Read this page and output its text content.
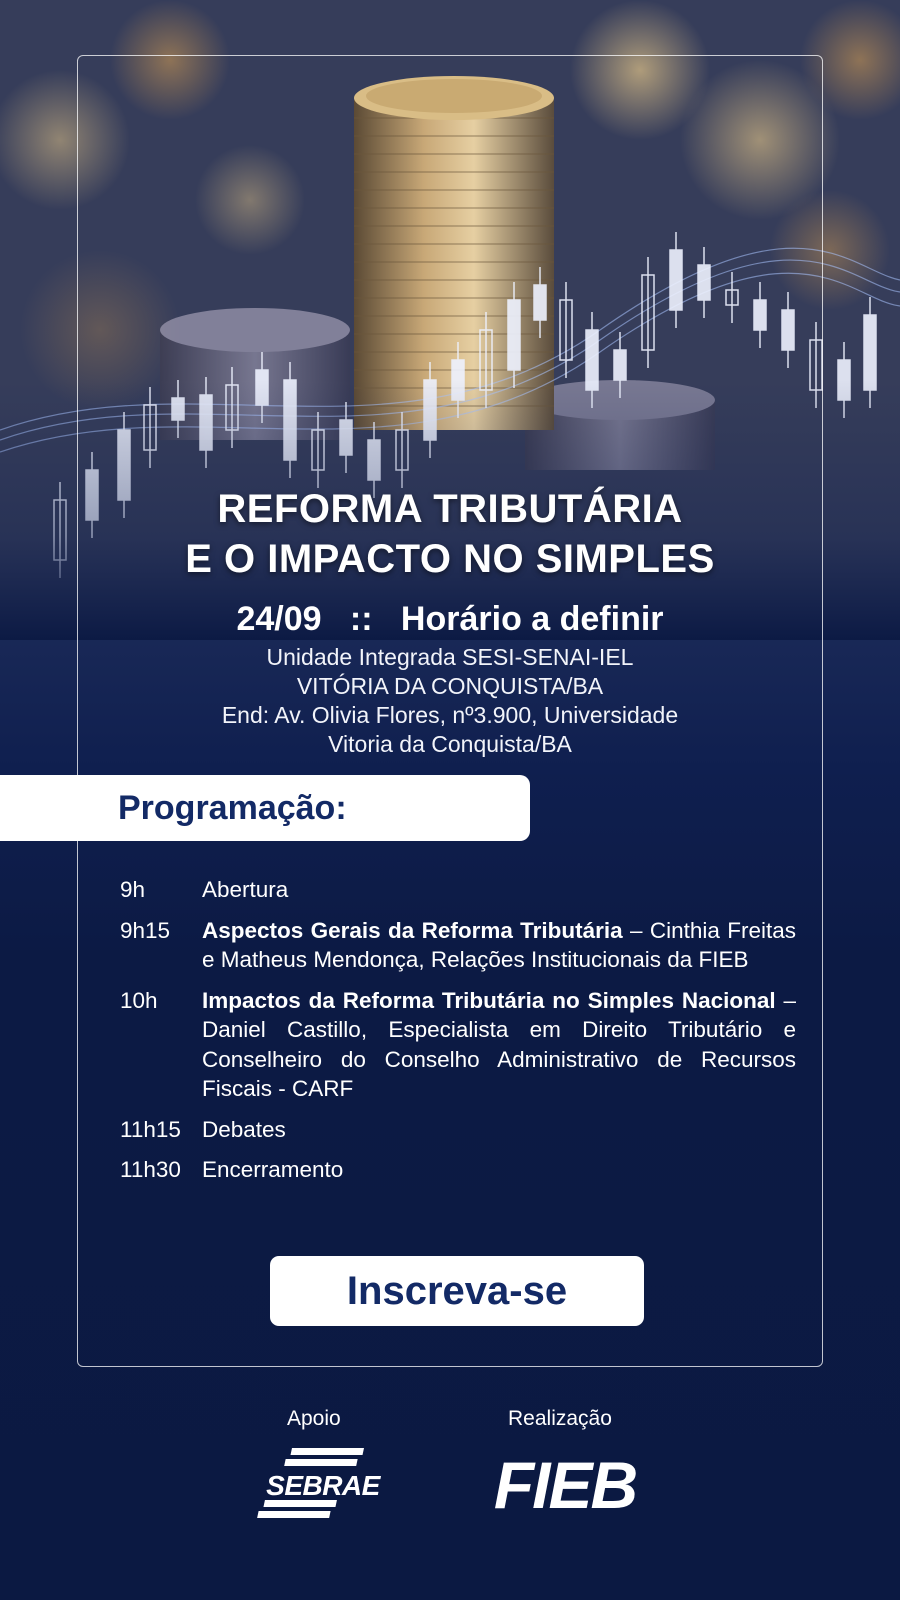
REFORMA TRIBUTÁRIA
E O IMPACTO NO SIMPLES
24/09 :: Horário a definir
Unidade Integrada SESI-SENAI-IEL
VITÓRIA DA CONQUISTA/BA
End: Av. Olivia Flores, nº3.900, Universidade
Vitoria da Conquista/BA
Programação:
9h	Abertura
9h15 Aspectos Gerais da Reforma Tributária – Cinthia Freitas e Matheus Mendonça, Relações Institucionais da FIEB
10h Impactos da Reforma Tributária no Simples Nacional – Daniel Castillo, Especialista em Direito Tributário e Conselheiro do Conselho Administrativo de Recursos Fiscais - CARF
11h15 Debates
11h30 Encerramento
Inscreva-se
Apoio	Realização
SEBRAE FIEB
